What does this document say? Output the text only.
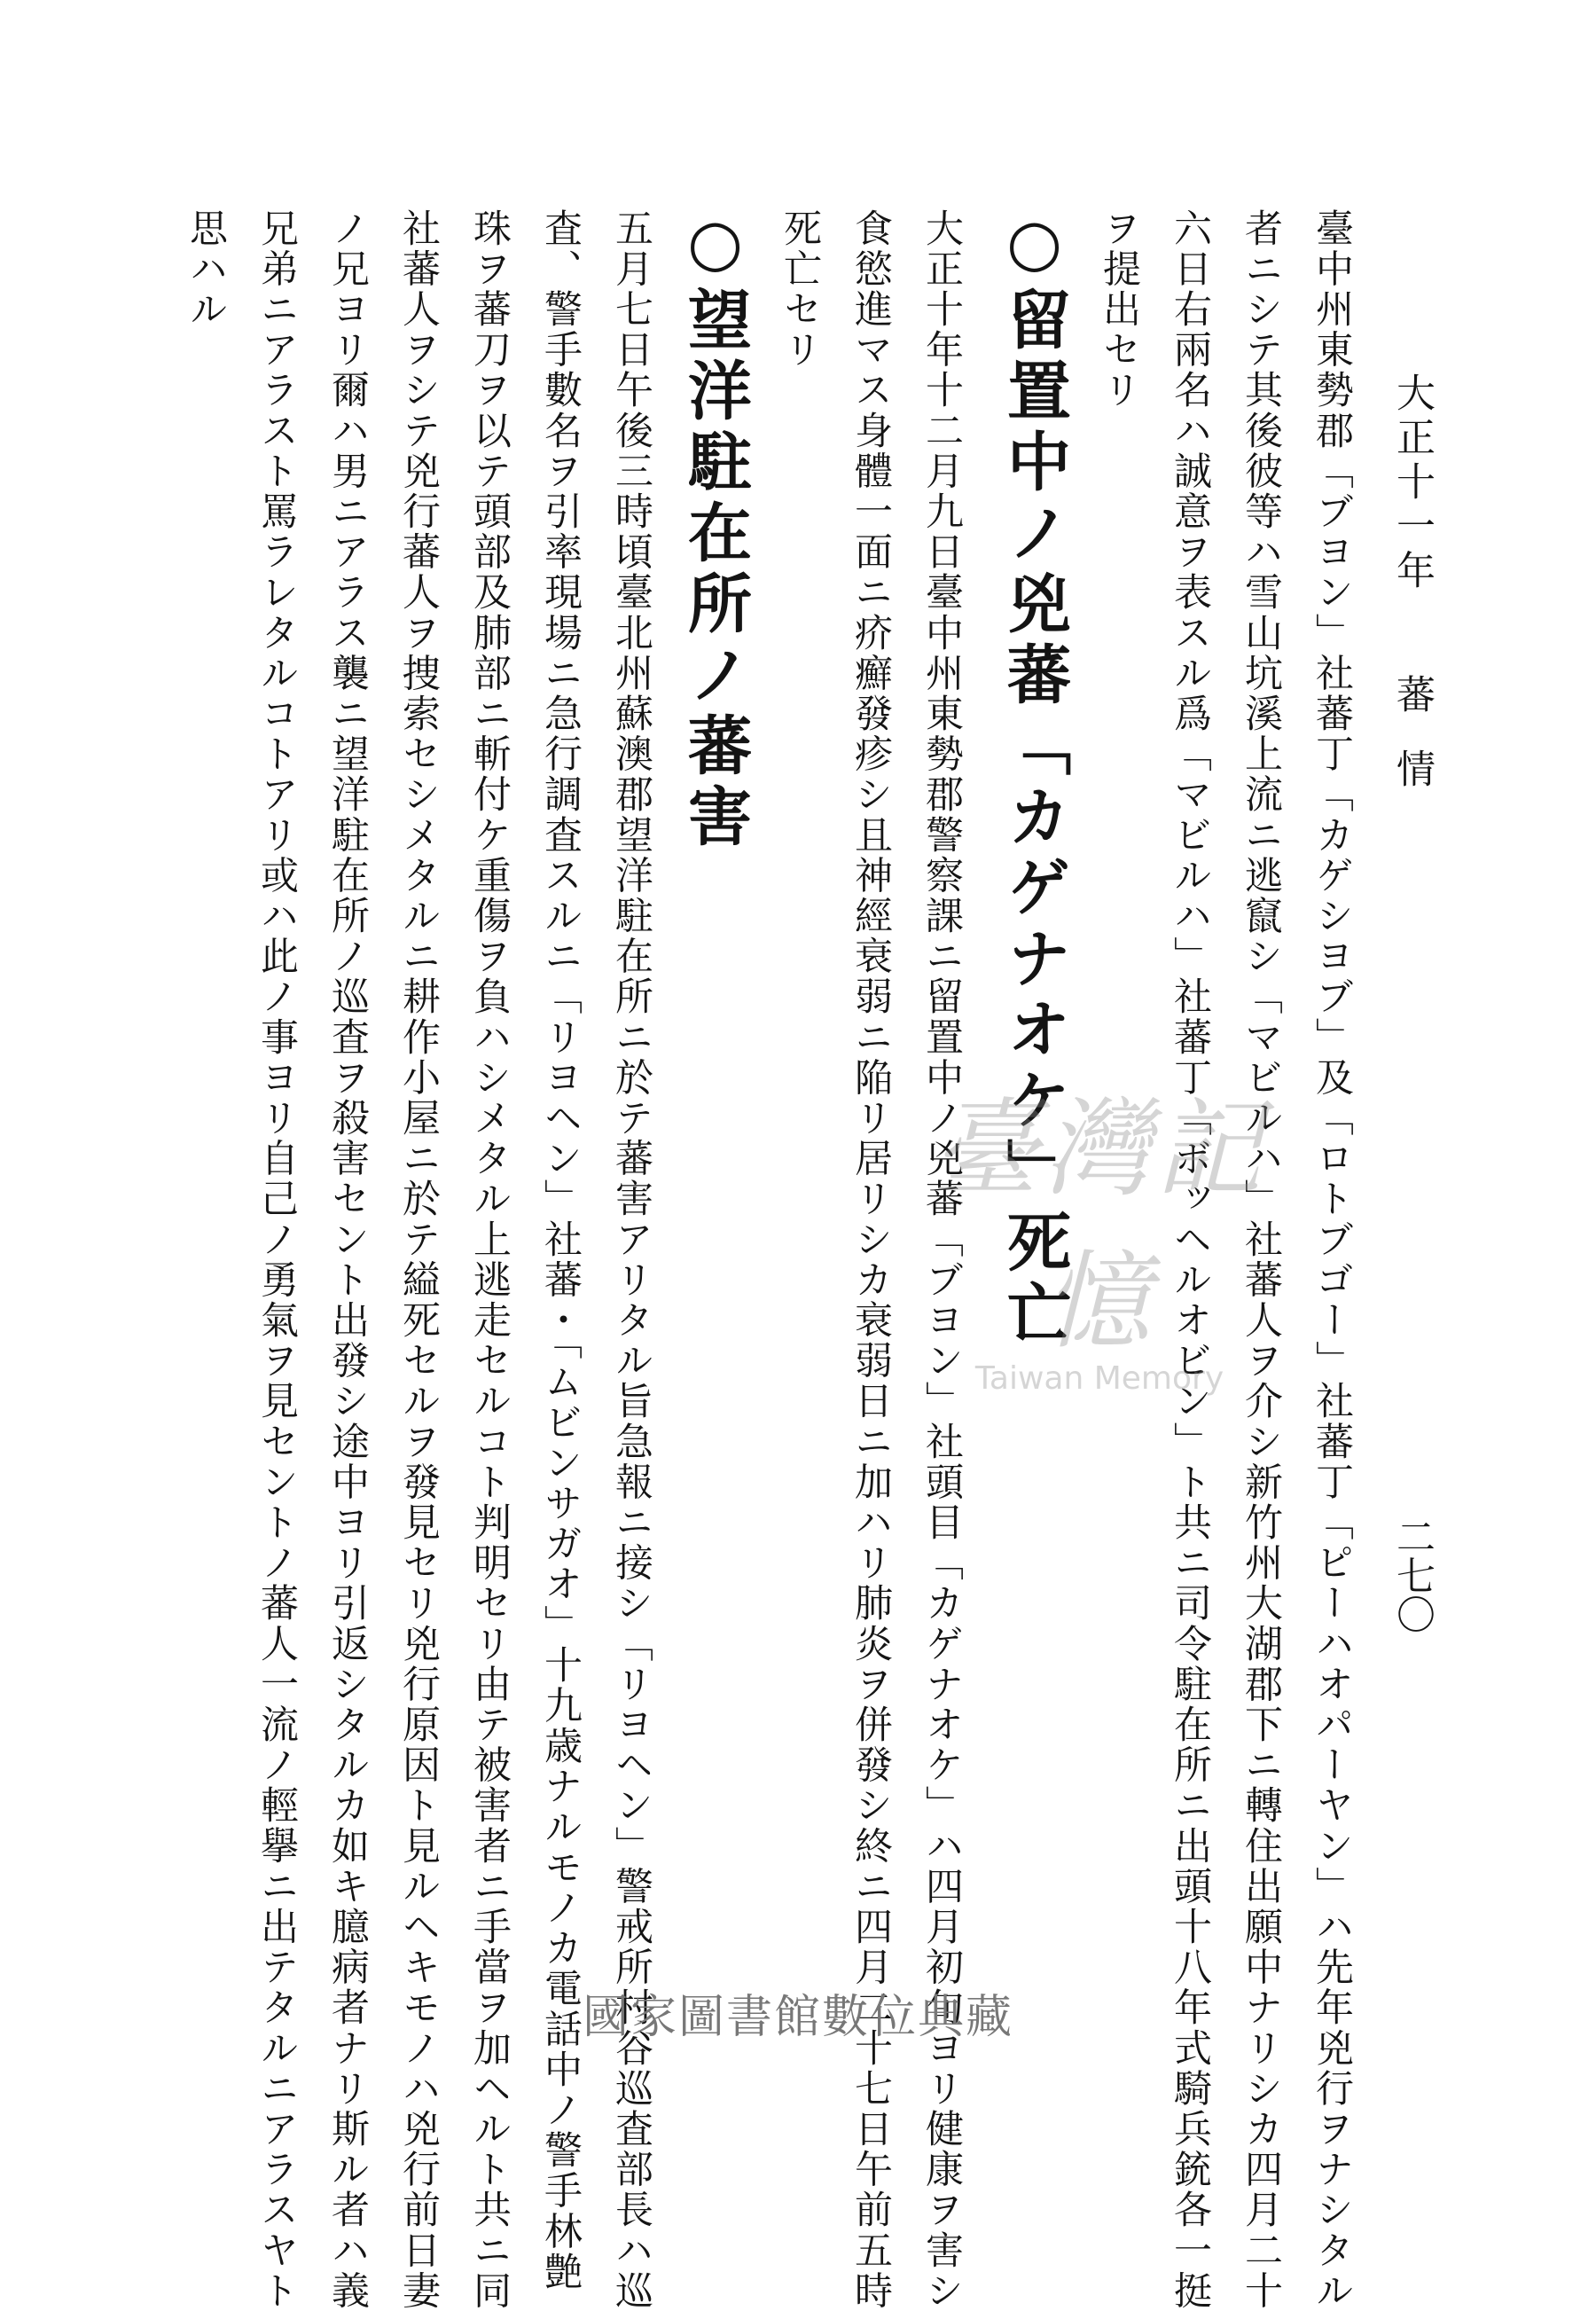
大正十一年

蕃情

二七〇

臺中州東勢郡「ブヨン」社蕃丁「カゲシヨブ」及「ロトブゴー」社蕃丁「ピーハオパーヤン」ハ先年兇行ヲナシタル

者ニシテ其後彼等ハ雪山坑溪上流ニ逃竄シ「マビルハ」社蕃人ヲ介シ新竹州大湖郡下ニ轉住出願中ナリシカ四月二十

六日右兩名ハ誠意ヲ表スル爲「マビルハ」社蕃丁「ボッヘルオビン」ト共ニ司令駐在所ニ出頭十八年式騎兵銃各一挺

ヲ提出セリ

○留置中ノ兇蕃「カゲナオケ」死亡

大正十年十二月九日臺中州東勢郡警察課ニ留置中ノ兇蕃「ブヨン」社頭目「カゲナオケ」ハ四月初旬ヨリ健康ヲ害シ

食慾進マス身體一面ニ疥癬發疹シ且神經衰弱ニ陥リ居リシカ衰弱日ニ加ハリ肺炎ヲ併發シ終ニ四月二十七日午前五時

死亡セリ

○望洋駐在所ノ蕃害

五月七日午後三時頃臺北州蘇澳郡望洋駐在所ニ於テ蕃害アリタル旨急報ニ接シ「リヨヘン」警戒所村谷巡査部長ハ巡

査、警手數名ヲ引率現場ニ急行調査スルニ「リヨヘン」社蕃・「ムビンサガオ」十九歳ナルモノカ電話中ノ警手林艶

珠ヲ蕃刀ヲ以テ頭部及肺部ニ斬付ケ重傷ヲ負ハシメタル上逃走セルコト判明セリ由テ被害者ニ手當ヲ加ヘルト共ニ同

社蕃人ヲシテ兇行蕃人ヲ捜索セシメタルニ耕作小屋ニ於テ縊死セルヲ發見セリ兇行原因ト見ルヘキモノハ兇行前日妻

ノ兄ヨリ爾ハ男ニアラス襲ニ望洋駐在所ノ巡査ヲ殺害セント出發シ途中ヨリ引返シタルカ如キ臆病者ナリ斯ル者ハ義

兄弟ニアラスト罵ラレタルコトアリ或ハ此ノ事ヨリ自己ノ勇氣ヲ見セントノ蕃人一流ノ輕擧ニ出テタルニアラスヤト

思ハル

臺灣記憶
Taiwan Memory
國家圖書館數位典藏
